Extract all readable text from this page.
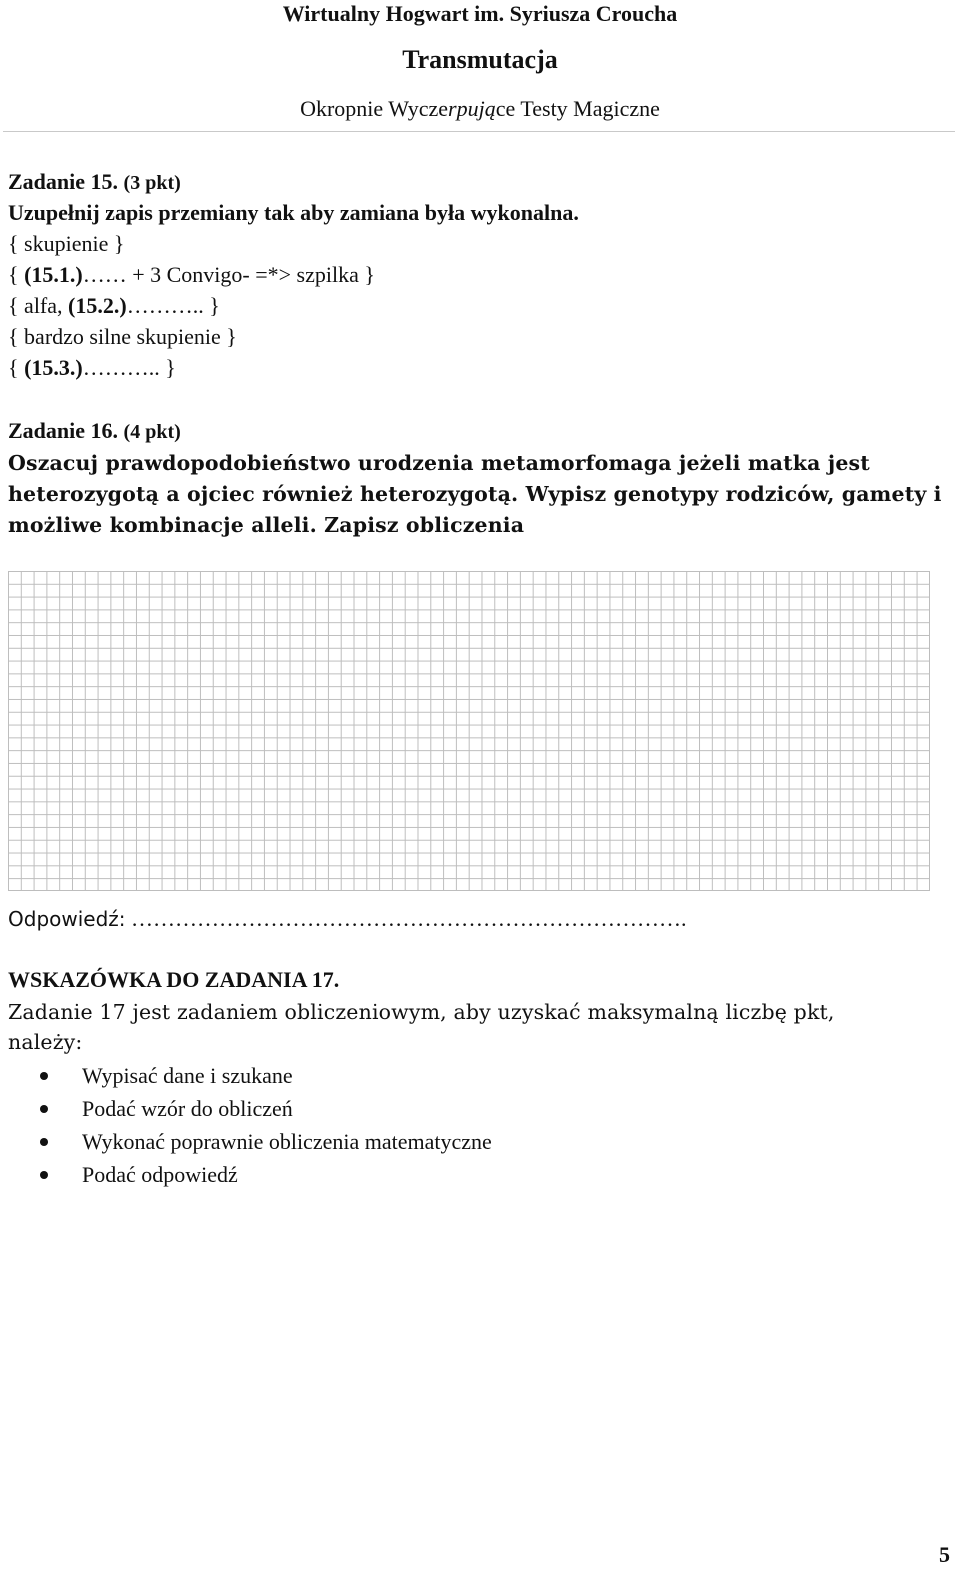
Wirtualny Hogwart im. Syriusza Croucha
Transmutacja
Okropnie Wyczerpujące Testy Magiczne
Zadanie 15. (3 pkt)
Uzupełnij zapis przemiany tak aby zamiana była wykonalna.
{ skupienie }
{ (15.1.)…… + 3 Convigo- =*> szpilka }
{ alfa, (15.2.)……….. }
{ bardzo silne skupienie }
{ (15.3.)……….. }
Zadanie 16. (4 pkt)
Oszacuj prawdopodobieństwo urodzenia metamorfomaga jeżeli matka jest
heterozygotą a ojciec również heterozygotą. Wypisz genotypy rodziców, gamety i
możliwe kombinacje alleli. Zapisz obliczenia
Odpowiedź: ………………………………………………………………….
WSKAZÓWKA DO ZADANIA 17.
Zadanie 17 jest zadaniem obliczeniowym, aby uzyskać maksymalną liczbę pkt,
należy:
Wypisać dane i szukane
Podać wzór do obliczeń
Wykonać poprawnie obliczenia matematyczne
Podać odpowiedź
5
